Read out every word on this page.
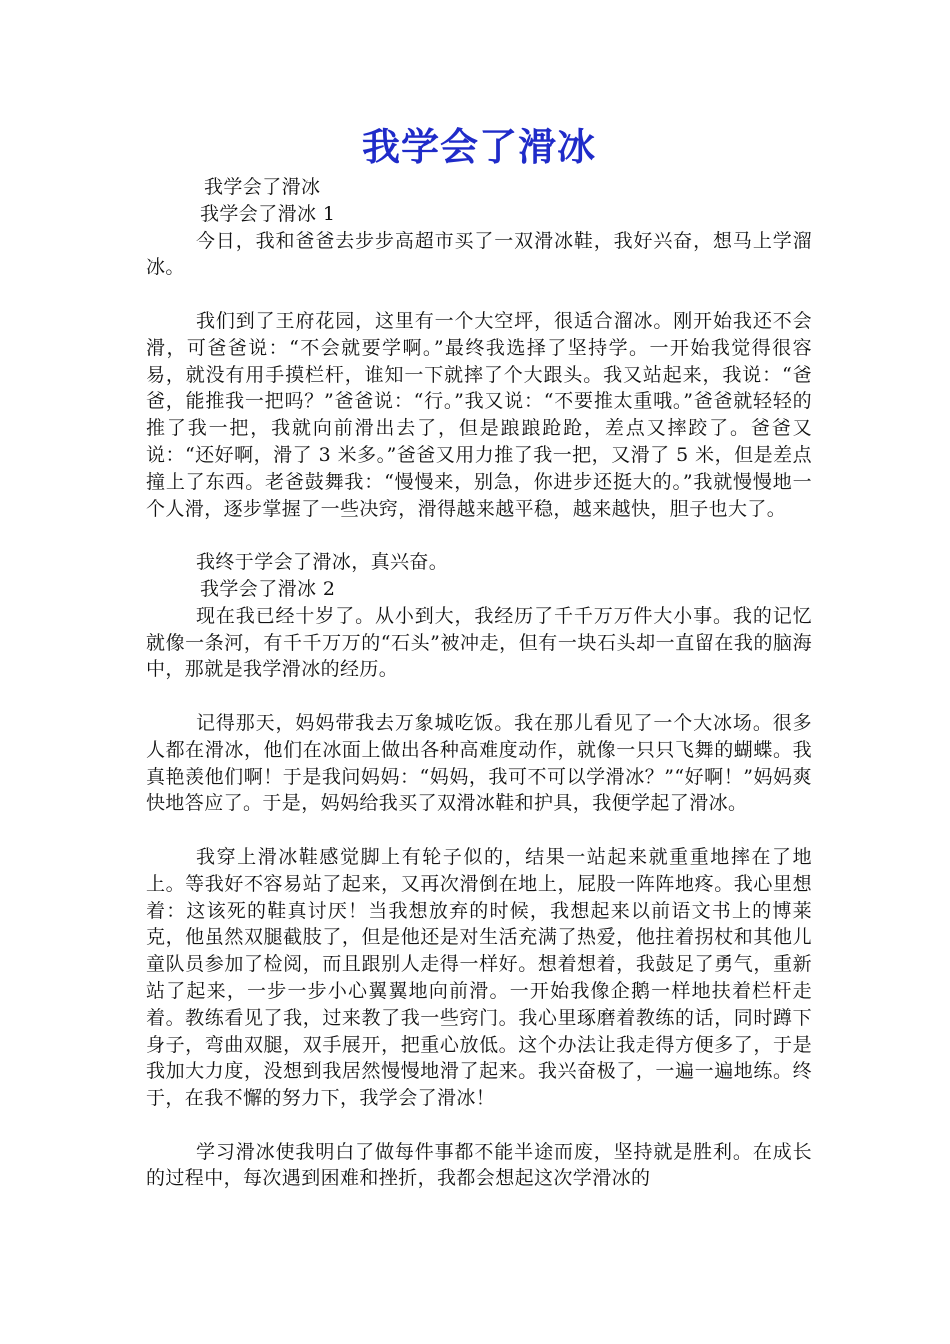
我学会了滑冰

我学会了滑冰

我学会了滑冰 1

今日，我和爸爸去步步高超市买了一双滑冰鞋，我好兴奋，想马上学溜冰。

我们到了王府花园，这里有一个大空坪，很适合溜冰。刚开始我还不会滑，可爸爸说：“不会就要学啊。”最终我选择了坚持学。一开始我觉得很容易，就没有用手摸栏杆，谁知一下就摔了个大跟头。我又站起来，我说：“爸爸，能推我一把吗？”爸爸说：“行。”我又说：“不要推太重哦。”爸爸就轻轻的推了我一把，我就向前滑出去了，但是踉踉跄跄，差点又摔跤了。爸爸又说：“还好啊，滑了 3 米多。”爸爸又用力推了我一把，又滑了 5 米，但是差点撞上了东西。老爸鼓舞我：“慢慢来，别急，你进步还挺大的。”我就慢慢地一个人滑，逐步掌握了一些决窍，滑得越来越平稳，越来越快，胆子也大了。

我终于学会了滑冰，真兴奋。

我学会了滑冰 2

现在我已经十岁了。从小到大，我经历了千千万万件大小事。我的记忆就像一条河，有千千万万的“石头”被冲走，但有一块石头却一直留在我的脑海中，那就是我学滑冰的经历。

记得那天，妈妈带我去万象城吃饭。我在那儿看见了一个大冰场。很多人都在滑冰，他们在冰面上做出各种高难度动作，就像一只只飞舞的蝴蝶。我真艳羡他们啊！于是我问妈妈：“妈妈，我可不可以学滑冰？”“好啊！”妈妈爽快地答应了。于是，妈妈给我买了双滑冰鞋和护具，我便学起了滑冰。

我穿上滑冰鞋感觉脚上有轮子似的，结果一站起来就重重地摔在了地上。等我好不容易站了起来，又再次滑倒在地上，屁股一阵阵地疼。我心里想着：这该死的鞋真讨厌！当我想放弃的时候，我想起来以前语文书上的博莱克，他虽然双腿截肢了，但是他还是对生活充满了热爱，他拄着拐杖和其他儿童队员参加了检阅，而且跟别人走得一样好。想着想着，我鼓足了勇气，重新站了起来，一步一步小心翼翼地向前滑。一开始我像企鹅一样地扶着栏杆走着。教练看见了我，过来教了我一些窍门。我心里琢磨着教练的话，同时蹲下身子，弯曲双腿，双手展开，把重心放低。这个办法让我走得方便多了，于是我加大力度，没想到我居然慢慢地滑了起来。我兴奋极了，一遍一遍地练。终于，在我不懈的努力下，我学会了滑冰！

学习滑冰使我明白了做每件事都不能半途而废，坚持就是胜利。在成长的过程中，每次遇到困难和挫折，我都会想起这次学滑冰的
